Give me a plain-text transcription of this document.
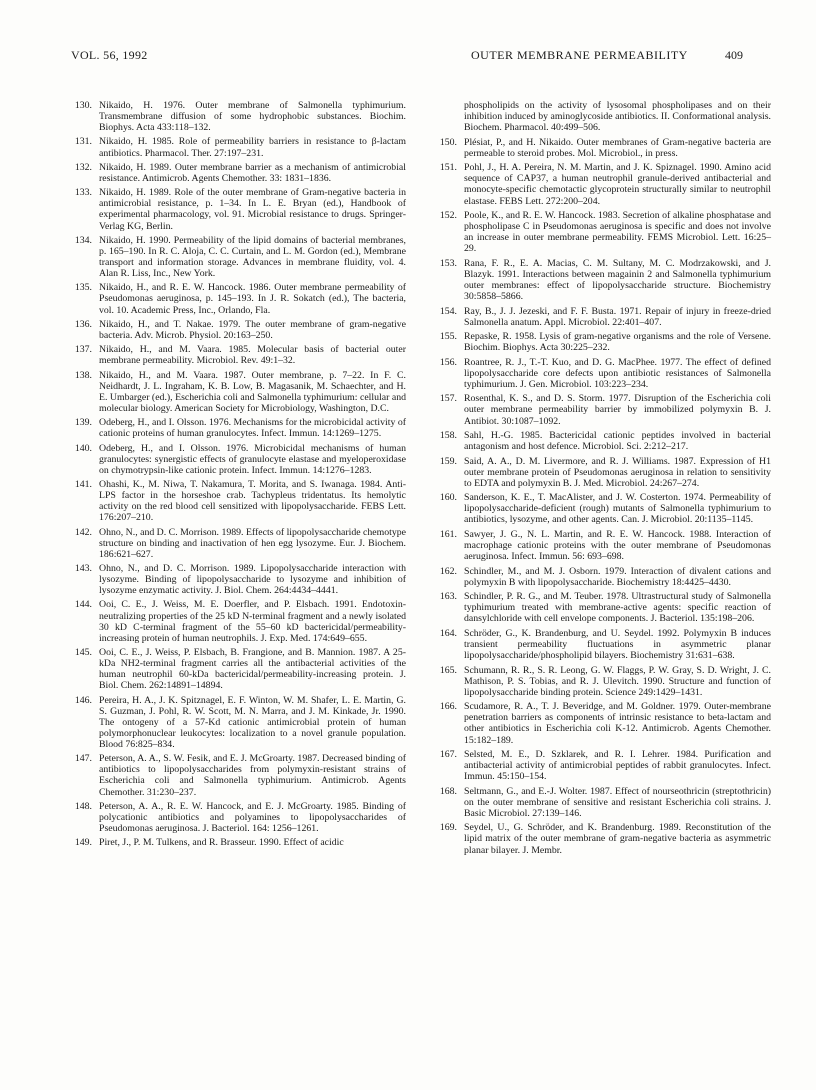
VOL. 56, 1992	OUTER MEMBRANE PERMEABILITY	409
130. Nikaido, H. 1976. Outer membrane of Salmonella typhimurium. Transmembrane diffusion of some hydrophobic substances. Biochim. Biophys. Acta 433:118–132.
131. Nikaido, H. 1985. Role of permeability barriers in resistance to β-lactam antibiotics. Pharmacol. Ther. 27:197–231.
132. Nikaido, H. 1989. Outer membrane barrier as a mechanism of antimicrobial resistance. Antimicrob. Agents Chemother. 33: 1831–1836.
133. Nikaido, H. 1989. Role of the outer membrane of Gram-negative bacteria in antimicrobial resistance, p. 1–34. In L. E. Bryan (ed.), Handbook of experimental pharmacology, vol. 91. Microbial resistance to drugs. Springer-Verlag KG, Berlin.
134. Nikaido, H. 1990. Permeability of the lipid domains of bacterial membranes, p. 165–190. In R. C. Aloja, C. C. Curtain, and L. M. Gordon (ed.), Membrane transport and information storage. Advances in membrane fluidity, vol. 4. Alan R. Liss, Inc., New York.
135. Nikaido, H., and R. E. W. Hancock. 1986. Outer membrane permeability of Pseudomonas aeruginosa, p. 145–193. In J. R. Sokatch (ed.), The bacteria, vol. 10. Academic Press, Inc., Orlando, Fla.
136. Nikaido, H., and T. Nakae. 1979. The outer membrane of gram-negative bacteria. Adv. Microb. Physiol. 20:163–250.
137. Nikaido, H., and M. Vaara. 1985. Molecular basis of bacterial outer membrane permeability. Microbiol. Rev. 49:1–32.
138. Nikaido, H., and M. Vaara. 1987. Outer membrane, p. 7–22. In F. C. Neidhardt, J. L. Ingraham, K. B. Low, B. Magasanik, M. Schaechter, and H. E. Umbarger (ed.), Escherichia coli and Salmonella typhimurium: cellular and molecular biology. American Society for Microbiology, Washington, D.C.
139. Odeberg, H., and I. Olsson. 1976. Mechanisms for the microbicidal activity of cationic proteins of human granulocytes. Infect. Immun. 14:1269–1275.
140. Odeberg, H., and I. Olsson. 1976. Microbicidal mechanisms of human granulocytes: synergistic effects of granulocyte elastase and myeloperoxidase on chymotrypsin-like cationic protein. Infect. Immun. 14:1276–1283.
141. Ohashi, K., M. Niwa, T. Nakamura, T. Morita, and S. Iwanaga. 1984. Anti-LPS factor in the horseshoe crab. Tachypleus tridentatus. Its hemolytic activity on the red blood cell sensitized with lipopolysaccharide. FEBS Lett. 176:207–210.
142. Ohno, N., and D. C. Morrison. 1989. Effects of lipopolysaccharide chemotype structure on binding and inactivation of hen egg lysozyme. Eur. J. Biochem. 186:621–627.
143. Ohno, N., and D. C. Morrison. 1989. Lipopolysaccharide interaction with lysozyme. Binding of lipopolysaccharide to lysozyme and inhibition of lysozyme enzymatic activity. J. Biol. Chem. 264:4434–4441.
144. Ooi, C. E., J. Weiss, M. E. Doerfler, and P. Elsbach. 1991. Endotoxin-neutralizing properties of the 25 kD N-terminal fragment and a newly isolated 30 kD C-terminal fragment of the 55–60 kD bactericidal/permeability-increasing protein of human neutrophils. J. Exp. Med. 174:649–655.
145. Ooi, C. E., J. Weiss, P. Elsbach, B. Frangione, and B. Mannion. 1987. A 25-kDa NH2-terminal fragment carries all the antibacterial activities of the human neutrophil 60-kDa bactericidal/permeability-increasing protein. J. Biol. Chem. 262:14891–14894.
146. Pereira, H. A., J. K. Spitznagel, E. F. Winton, W. M. Shafer, L. E. Martin, G. S. Guzman, J. Pohl, R. W. Scott, M. N. Marra, and J. M. Kinkade, Jr. 1990. The ontogeny of a 57-Kd cationic antimicrobial protein of human polymorphonuclear leukocytes: localization to a novel granule population. Blood 76:825–834.
147. Peterson, A. A., S. W. Fesik, and E. J. McGroarty. 1987. Decreased binding of antibiotics to lipopolysaccharides from polymyxin-resistant strains of Escherichia coli and Salmonella typhimurium. Antimicrob. Agents Chemother. 31:230–237.
148. Peterson, A. A., R. E. W. Hancock, and E. J. McGroarty. 1985. Binding of polycationic antibiotics and polyamines to lipopolysaccharides of Pseudomonas aeruginosa. J. Bacteriol. 164: 1256–1261.
149. Piret, J., P. M. Tulkens, and R. Brasseur. 1990. Effect of acidic
phospholipids on the activity of lysosomal phospholipases and on their inhibition induced by aminoglycoside antibiotics. II. Conformational analysis. Biochem. Pharmacol. 40:499–506.
150. Plésiat, P., and H. Nikaido. Outer membranes of Gram-negative bacteria are permeable to steroid probes. Mol. Microbiol., in press.
151. Pohl, J., H. A. Pereira, N. M. Martin, and J. K. Spiznagel. 1990. Amino acid sequence of CAP37, a human neutrophil granule-derived antibacterial and monocyte-specific chemotactic glycoprotein structurally similar to neutrophil elastase. FEBS Lett. 272:200–204.
152. Poole, K., and R. E. W. Hancock. 1983. Secretion of alkaline phosphatase and phospholipase C in Pseudomonas aeruginosa is specific and does not involve an increase in outer membrane permeability. FEMS Microbiol. Lett. 16:25–29.
153. Rana, F. R., E. A. Macias, C. M. Sultany, M. C. Modrzakowski, and J. Blazyk. 1991. Interactions between magainin 2 and Salmonella typhimurium outer membranes: effect of lipopolysaccharide structure. Biochemistry 30:5858–5866.
154. Ray, B., J. J. Jezeski, and F. F. Busta. 1971. Repair of injury in freeze-dried Salmonella anatum. Appl. Microbiol. 22:401–407.
155. Repaske, R. 1958. Lysis of gram-negative organisms and the role of Versene. Biochim. Biophys. Acta 30:225–232.
156. Roantree, R. J., T.-T. Kuo, and D. G. MacPhee. 1977. The effect of defined lipopolysaccharide core defects upon antibiotic resistances of Salmonella typhimurium. J. Gen. Microbiol. 103:223–234.
157. Rosenthal, K. S., and D. S. Storm. 1977. Disruption of the Escherichia coli outer membrane permeability barrier by immobilized polymyxin B. J. Antibiot. 30:1087–1092.
158. Sahl, H.-G. 1985. Bactericidal cationic peptides involved in bacterial antagonism and host defence. Microbiol. Sci. 2:212–217.
159. Said, A. A., D. M. Livermore, and R. J. Williams. 1987. Expression of H1 outer membrane protein of Pseudomonas aeruginosa in relation to sensitivity to EDTA and polymyxin B. J. Med. Microbiol. 24:267–274.
160. Sanderson, K. E., T. MacAlister, and J. W. Costerton. 1974. Permeability of lipopolysaccharide-deficient (rough) mutants of Salmonella typhimurium to antibiotics, lysozyme, and other agents. Can. J. Microbiol. 20:1135–1145.
161. Sawyer, J. G., N. L. Martin, and R. E. W. Hancock. 1988. Interaction of macrophage cationic proteins with the outer membrane of Pseudomonas aeruginosa. Infect. Immun. 56: 693–698.
162. Schindler, M., and M. J. Osborn. 1979. Interaction of divalent cations and polymyxin B with lipopolysaccharide. Biochemistry 18:4425–4430.
163. Schindler, P. R. G., and M. Teuber. 1978. Ultrastructural study of Salmonella typhimurium treated with membrane-active agents: specific reaction of dansylchloride with cell envelope components. J. Bacteriol. 135:198–206.
164. Schröder, G., K. Brandenburg, and U. Seydel. 1992. Polymyxin B induces transient permeability fluctuations in asymmetric planar lipopolysaccharide/phospholipid bilayers. Biochemistry 31:631–638.
165. Schumann, R. R., S. R. Leong, G. W. Flaggs, P. W. Gray, S. D. Wright, J. C. Mathison, P. S. Tobias, and R. J. Ulevitch. 1990. Structure and function of lipopolysaccharide binding protein. Science 249:1429–1431.
166. Scudamore, R. A., T. J. Beveridge, and M. Goldner. 1979. Outer-membrane penetration barriers as components of intrinsic resistance to beta-lactam and other antibiotics in Escherichia coli K-12. Antimicrob. Agents Chemother. 15:182–189.
167. Selsted, M. E., D. Szklarek, and R. I. Lehrer. 1984. Purification and antibacterial activity of antimicrobial peptides of rabbit granulocytes. Infect. Immun. 45:150–154.
168. Seltmann, G., and E.-J. Wolter. 1987. Effect of nourseothricin (streptothricin) on the outer membrane of sensitive and resistant Escherichia coli strains. J. Basic Microbiol. 27:139–146.
169. Seydel, U., G. Schröder, and K. Brandenburg. 1989. Reconstitution of the lipid matrix of the outer membrane of gram-negative bacteria as asymmetric planar bilayer. J. Membr.
